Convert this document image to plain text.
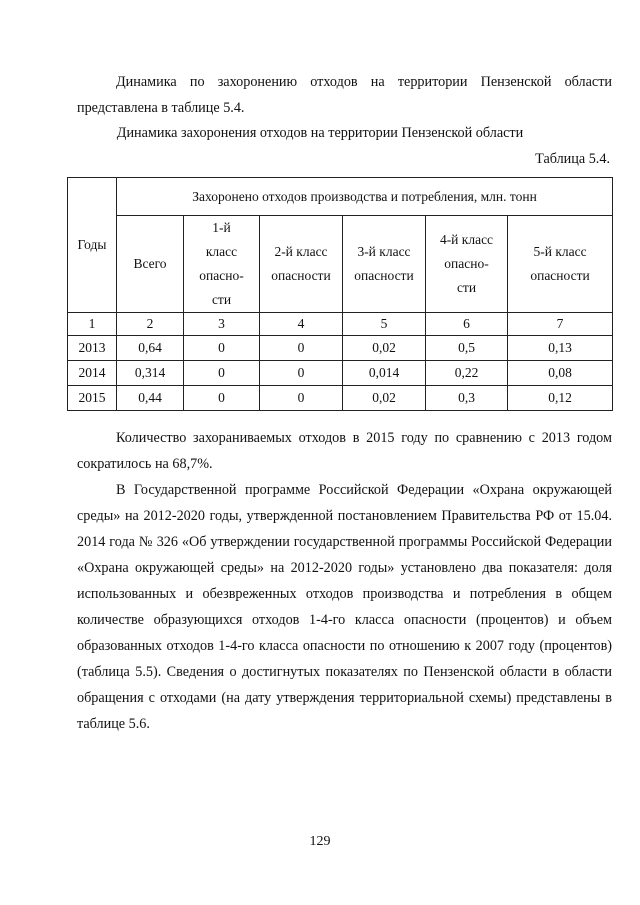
Динамика по захоронению отходов на территории Пензенской области представлена в таблице 5.4.

Динамика захоронения отходов на территории Пензенской области

Таблица 5.4.

Годы	Захоронено отходов производства и потребления, млн. тонн					
	Всего	1-й класс опасно-сти	2-й класс опасности	3-й класс опасности	4-й класс опасно-сти	5-й класс опасности
1	2	3	4	5	6	7
2013	0,64	0	0	0,02	0,5	0,13
2014	0,314	0	0	0,014	0,22	0,08
2015	0,44	0	0	0,02	0,3	0,12

Количество захораниваемых отходов в 2015 году по сравнению с 2013 годом сократилось на 68,7%.

В Государственной программе Российской Федерации «Охрана окружающей среды» на 2012-2020 годы, утвержденной постановлением Правительства РФ от 15.04. 2014 года № 326 «Об утверждении государственной программы Российской Федерации «Охрана окружающей среды» на 2012-2020 годы» установлено два показателя: доля использованных и обезвреженных отходов производства и потребления в общем количестве образующихся отходов 1-4-го класса опасности (процентов) и объем образованных отходов 1-4-го класса опасности по отношению к 2007 году (процентов) (таблица 5.5). Сведения о достигнутых показателях по Пензенской области в области обращения с отходами (на дату утверждения территориальной схемы) представлены в таблице 5.6.

129
